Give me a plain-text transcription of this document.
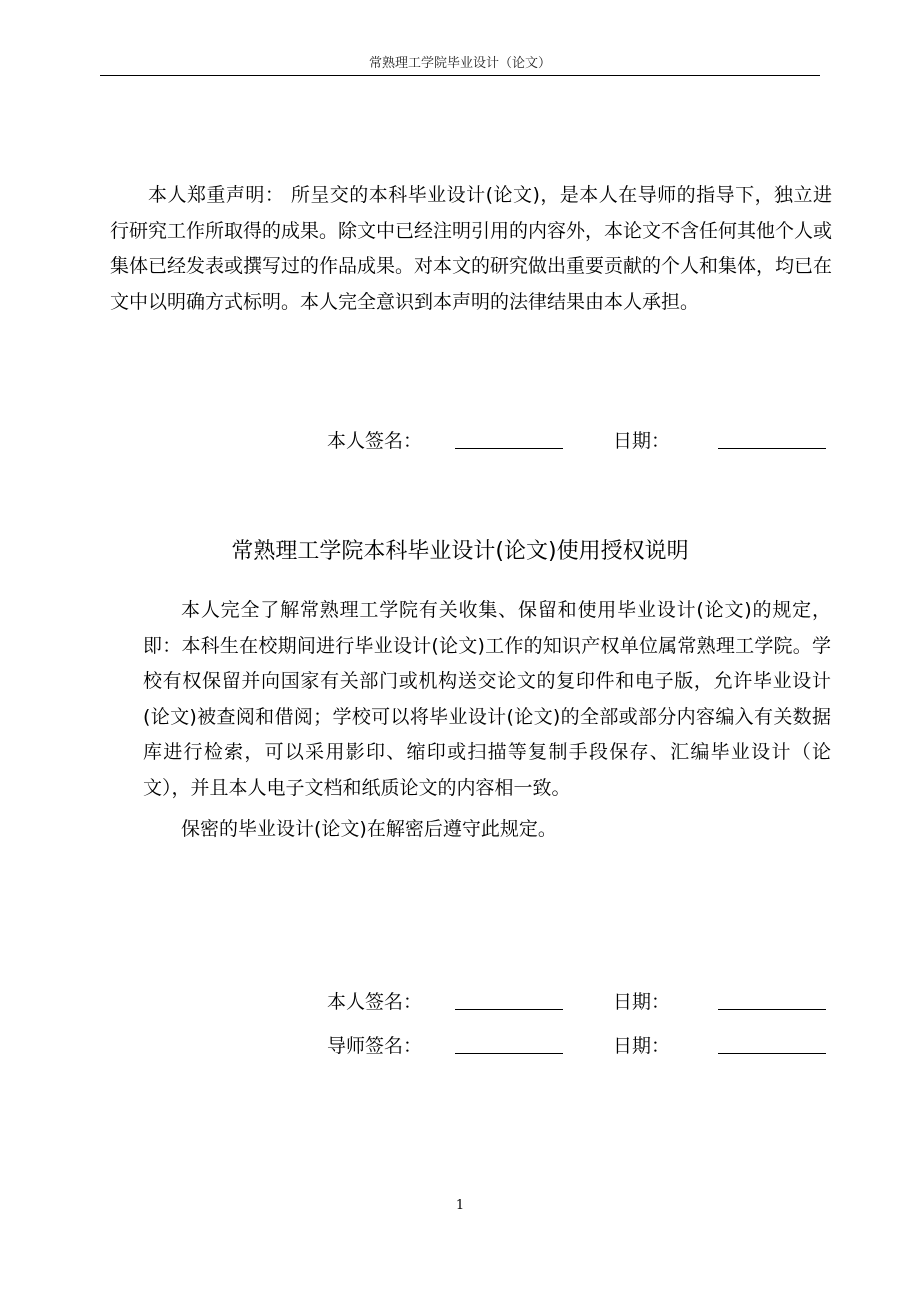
常熟理工学院毕业设计（论文）

本人郑重声明： 所呈交的本科毕业设计(论文)，是本人在导师的指导下，独立进行研究工作所取得的成果。除文中已经注明引用的内容外，本论文不含任何其他个人或集体已经发表或撰写过的作品成果。对本文的研究做出重要贡献的个人和集体，均已在文中以明确方式标明。本人完全意识到本声明的法律结果由本人承担。

本人签名：	日期：
常熟理工学院本科毕业设计(论文)使用授权说明

本人完全了解常熟理工学院有关收集、保留和使用毕业设计(论文)的规定，即：本科生在校期间进行毕业设计(论文)工作的知识产权单位属常熟理工学院。学校有权保留并向国家有关部门或机构送交论文的复印件和电子版，允许毕业设计(论文)被查阅和借阅；学校可以将毕业设计(论文)的全部或部分内容编入有关数据库进行检索，可以采用影印、缩印或扫描等复制手段保存、汇编毕业设计（论文），并且本人电子文档和纸质论文的内容相一致。

保密的毕业设计(论文)在解密后遵守此规定。

本人签名：	日期：
导师签名：	日期：
1
